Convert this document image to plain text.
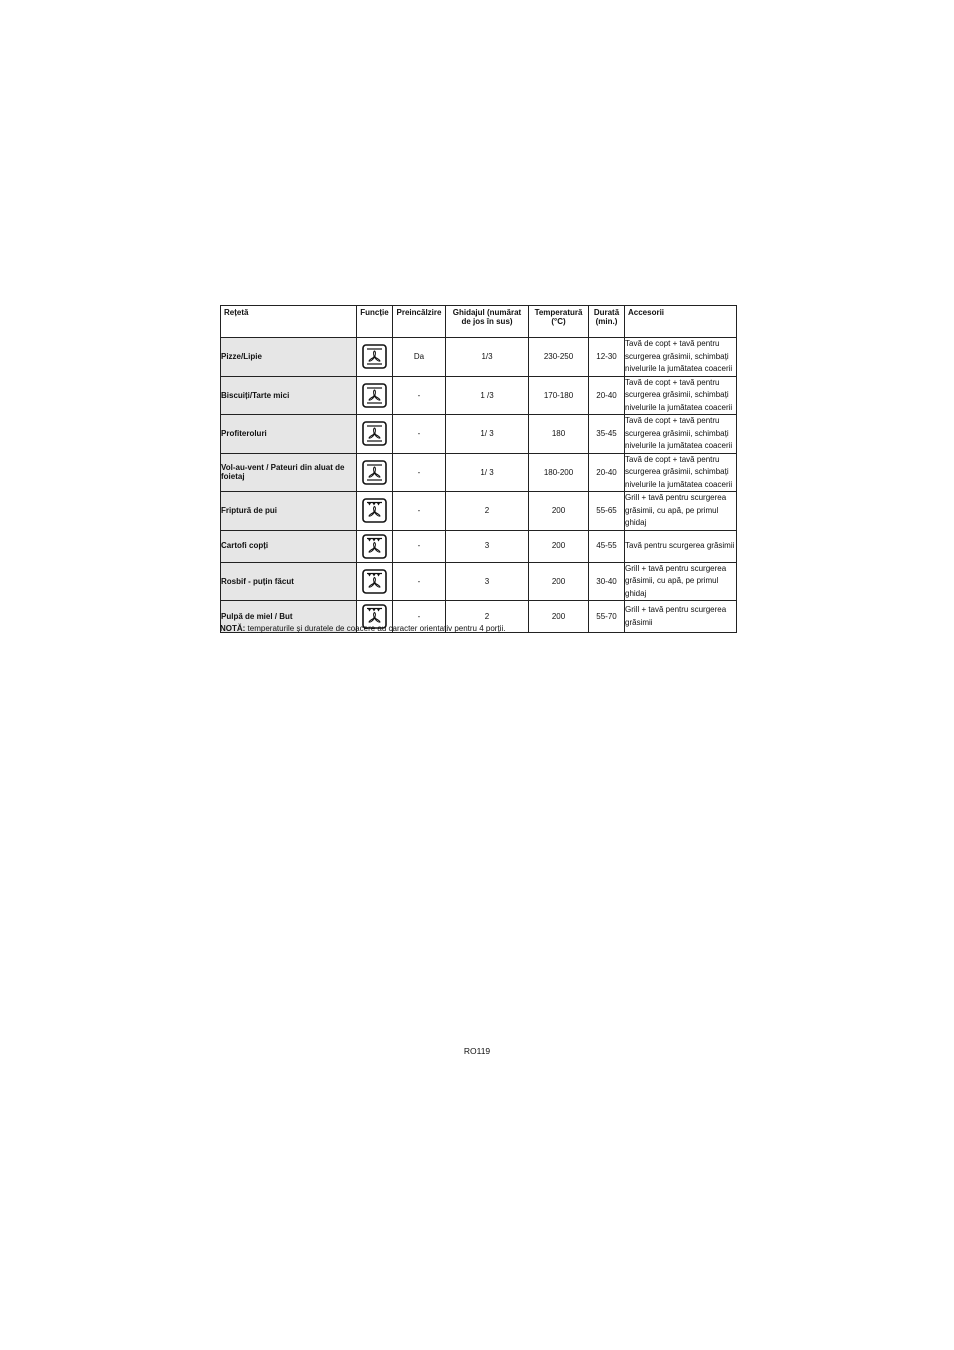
Rețetă	Funcție	Preincălzire	Ghidajul (numărat de jos în sus)	Temperatură (°C)	Durată (min.)	Accesorii
Pizze/Lipie		Da	1/3	230-250	12-30	Tavă de copt + tavă pentru scurgerea grăsimii, schimbați nivelurile la jumătatea coacerii
Biscuiți/Tarte mici		-	1 /3	170-180	20-40	Tavă de copt + tavă pentru scurgerea grăsimii, schimbați nivelurile la jumătatea coacerii
Profiteroluri		-	1/ 3	180	35-45	Tavă de copt + tavă pentru scurgerea grăsimii, schimbați nivelurile la jumătatea coacerii
Vol-au-vent / Pateuri din aluat de foietaj		-	1/ 3	180-200	20-40	Tavă de copt + tavă pentru scurgerea grăsimii, schimbați nivelurile la jumătatea coacerii
Friptură de pui		-	2	200	55-65	Grill + tavă pentru scurgerea grăsimii, cu apă, pe primul ghidaj
Cartofi copți		-	3	200	45-55	Tavă pentru scurgerea grăsimii
Rosbif - puțin făcut		-	3	200	30-40	Grill + tavă pentru scurgerea grăsimii, cu apă, pe primul ghidaj
Pulpă de miel / But		-	2	200	55-70	Grill + tavă pentru scurgerea grăsimii
NOTĂ: temperaturile și duratele de coacere au caracter orientativ pentru 4 porții.
RO119
